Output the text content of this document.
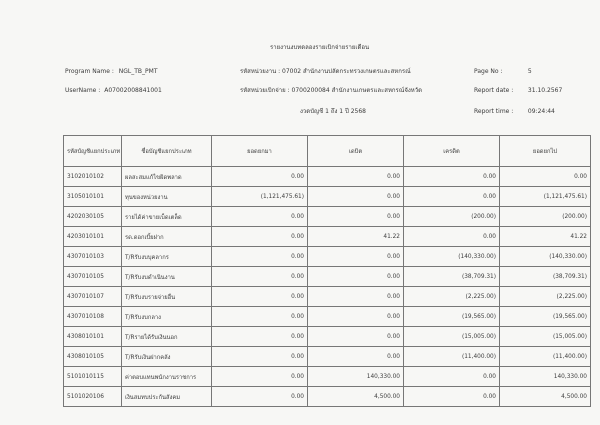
รายงานงบทดลองรายเบิกจ่ายรายเดือน
Program Name : NGL_TB_PMT	รหัสหน่วยงาน : 07002 สำนักงานปลัดกระทรวงเกษตรและสหกรณ์	Page No :	5
UserName : A07002008841001	รหัสหน่วยเบิกจ่าย : 0700200084 สำนักงานเกษตรและสหกรณ์จังหวัด	Report date : 31.10.2567
งวดบัญชี 1 ถึง 1 ปี 2568	Report time : 09:24:44
รหัสบัญชีแยกประเภท	ชื่อบัญชีแยกประเภท	ยอดยกมา	เดบิต	เครดิต	ยอดยกไป
3102010102	ผลสะสมแก้ไขผิดพลาด	0.00	0.00	0.00	0.00
3105010101	ทุนของหน่วยงาน	(1,121,475.61)	0.00	0.00	(1,121,475.61)
4202030105	รายได้ค่าขายเบ็ดเตล็ด	0.00	0.00	(200.00)	(200.00)
4203010101	รด.ดอกเบี้ยฝาก	0.00	41.22	0.00	41.22
4307010103	T/Rรับงบบุคลากร	0.00	0.00	(140,330.00)	(140,330.00)
4307010105	T/Rรับงบดำเนินงาน	0.00	0.00	(38,709.31)	(38,709.31)
4307010107	T/Rรับงบรายจ่ายอื่น	0.00	0.00	(2,225.00)	(2,225.00)
4307010108	T/Rรับงบกลาง	0.00	0.00	(19,565.00)	(19,565.00)
4308010101	T/Rรายได้รับเงินนอก	0.00	0.00	(15,005.00)	(15,005.00)
4308010105	T/Rรับเงินฝากคลัง	0.00	0.00	(11,400.00)	(11,400.00)
5101010115	ค่าตอบแทนพนักงานราชการ	0.00	140,330.00	0.00	140,330.00
5101020106	เงินสมทบประกันสังคม	0.00	4,500.00	0.00	4,500.00
